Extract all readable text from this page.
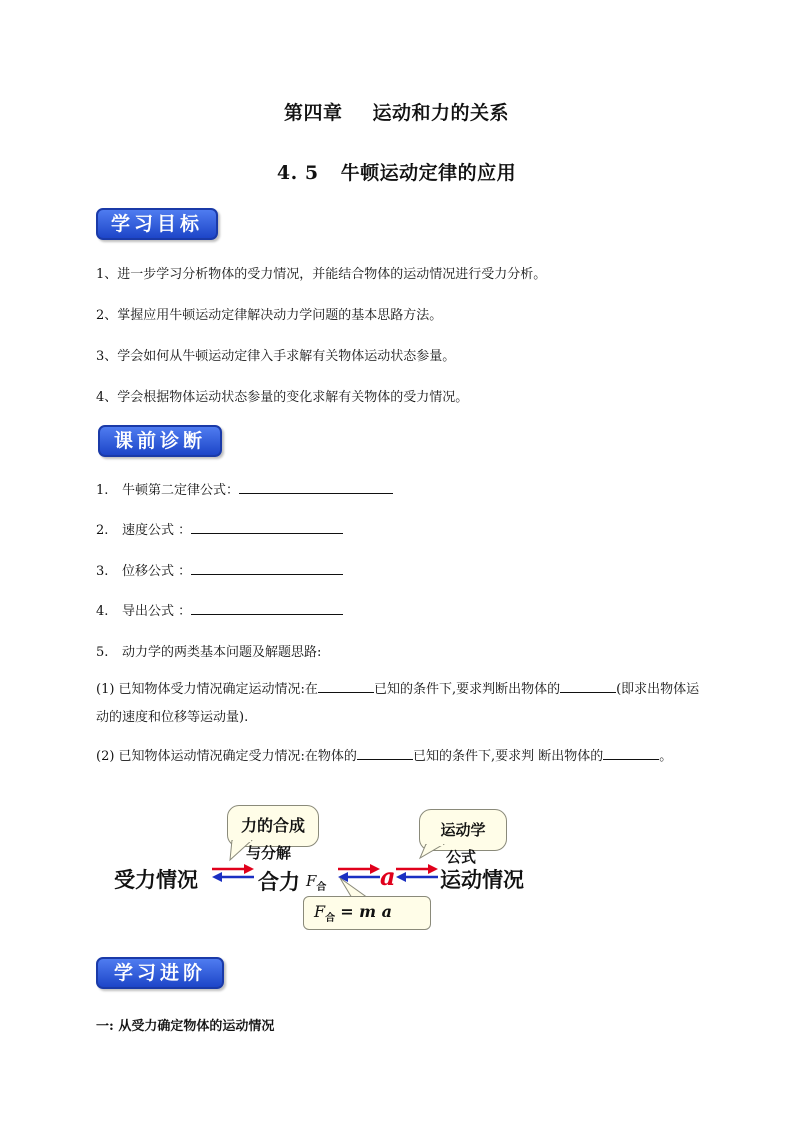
第四章 运动和力的关系
4. 5 牛顿运动定律的应用
学习目标
1、进一步学习分析物体的受力情况，并能结合物体的运动情况进行受力分析。
2、掌握应用牛顿运动定律解决动力学问题的基本思路方法。
3、学会如何从牛顿运动定律入手求解有关物体运动状态参量。
4、学会根据物体运动状态参量的变化求解有关物体的受力情况。
课前诊断
1. 牛顿第二定律公式：
2. 速度公式 ：
3. 位移公式 ：
4. 导出公式 ：
5. 动力学的两类基本问题及解题思路:
(1) 已知物体受力情况确定运动情况:在	已知的条件下,要求判断出物体的	(即求出物体运动的速度和位移等运动量).
(2) 已知物体运动情况确定受力情况:在物体的	已知的条件下,要求判 断出物体的	。
力的合成
与分解
运动学
公式
受力情况	合力 $F_合$ a 运动情况
$F_合 = m$ a
学习进阶
一: 从受力确定物体的运动情况
